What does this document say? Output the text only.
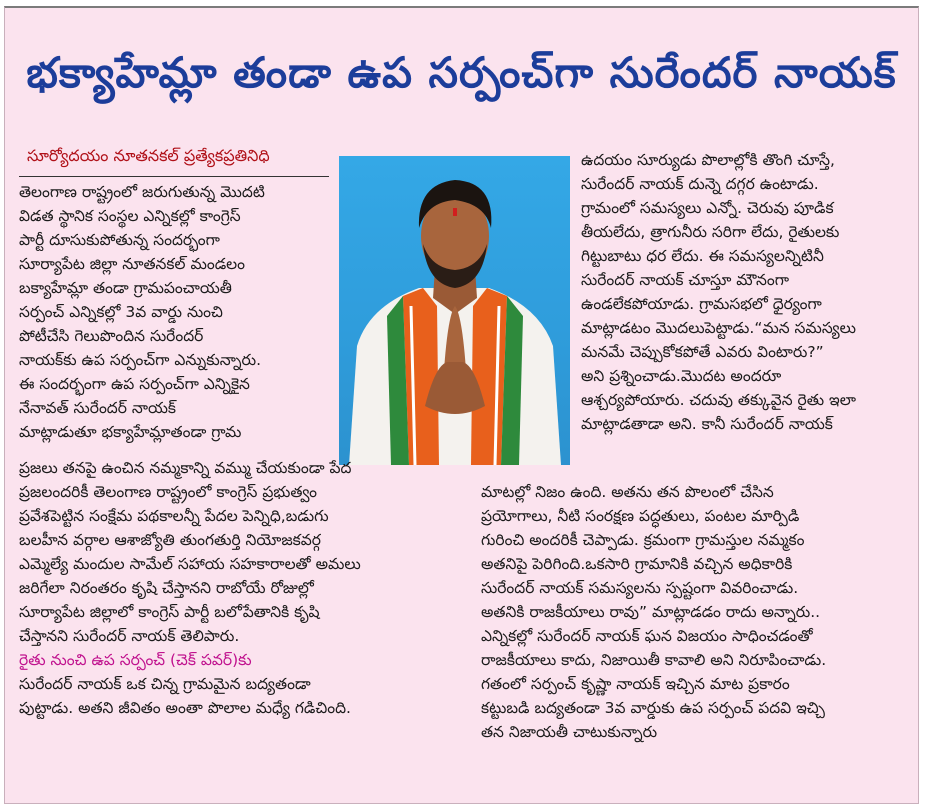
భక్యాహేమ్లా తండా ఉప సర్పంచ్‌గా సురేందర్ నాయక్
సూర్యోదయం నూతనకల్ ప్రత్యేకప్రతినిధి

తెలంగాణ రాష్ట్రంలో జరుగుతున్న మొదటి

విడత స్థానిక సంస్థల ఎన్నికల్లో కాంగ్రెస్

పార్టీ దూసుకుపోతున్న సందర్భంగా

సూర్యాపేట జిల్లా నూతనకల్ మండలం

బక్యాహేమ్లా తండా గ్రామపంచాయతీ

సర్పంచ్ ఎన్నికల్లో 3వ వార్డు నుంచి

పోటీచేసి గెలుపొందిన సురేందర్

నాయక్‌కు ఉప సర్పంచ్‌గా ఎన్నుకున్నారు.

ఈ సందర్భంగా ఉప సర్పంచ్‌గా ఎన్నికైన

నేనావత్ సురేందర్ నాయక్

మాట్లాడుతూ భక్యాహేమ్లాతండా గ్రామ

ఉదయం సూర్యుడు పొలాల్లోకి తొంగి చూస్తే,

సురేందర్ నాయక్ దున్నె దగ్గర ఉంటాడు.

గ్రామంలో సమస్యలు ఎన్నో. చెరువు పూడిక

తీయలేదు, త్రాగునీరు సరిగా లేదు, రైతులకు

గిట్టుబాటు ధర లేదు. ఈ సమస్యలన్నిటినీ

సురేందర్ నాయక్ చూస్తూ మౌనంగా

ఉండలేకపోయాడు. గ్రామసభలో ధైర్యంగా

మాట్లాడటం మొదలుపెట్టాడు.“మన సమస్యలు

మనమే చెప్పుకోకపోతే ఎవరు వింటారు?”

అని ప్రశ్నించాడు.మొదట అందరూ

ఆశ్చర్యపోయారు. చదువు తక్కువైన రైతు ఇలా

మాట్లాడతాడా అని. కానీ సురేందర్ నాయక్

ప్రజలు తనపై ఉంచిన నమ్మకాన్ని వమ్ము చేయకుండా పేద

ప్రజలందరికీ తెలంగాణ రాష్ట్రంలో కాంగ్రెస్ ప్రభుత్వం

ప్రవేశపెట్టిన సంక్షేమ పథకాలన్నీ పేదల పెన్నిధి,బడుగు

బలహీన వర్గాల ఆశాజ్యోతి తుంగతుర్తి నియోజకవర్గ

ఎమ్మెల్యే మందుల సామేల్ సహాయ సహకారాలతో అమలు

జరిగేలా నిరంతరం కృషి చేస్తానని రాబోయే రోజుల్లో

సూర్యాపేట జిల్లాలో కాంగ్రెస్ పార్టీ బలోపేతానికి కృషి

చేస్తానని సురేందర్ నాయక్ తెలిపారు.

రైతు నుంచి ఉప సర్పంచ్ (చెక్ పవర్)కు

సురేందర్ నాయక్ ఒక చిన్న గ్రామమైన బద్యతండా

పుట్టాడు. అతని జీవితం అంతా పొలాల మధ్యే గడిచింది.

మాటల్లో నిజం ఉంది. అతను తన పొలంలో చేసిన

ప్రయోగాలు, నీటి సంరక్షణ పద్ధతులు, పంటల మార్పిడి

గురించి అందరికీ చెప్పాడు. క్రమంగా గ్రామస్తుల నమ్మకం

అతనిపై పెరిగింది.ఒకసారి గ్రామానికి వచ్చిన అధికారికి

సురేందర్ నాయక్ సమస్యలను స్పష్టంగా వివరించాడు.

అతనికి రాజకీయాలు రావు” మాట్లాడడం రాదు అన్నారు..

ఎన్నికల్లో సురేందర్ నాయక్ ఘన విజయం సాధించడంతో

రాజకీయాలు కాదు, నిజాయితీ కావాలి అని నిరూపించాడు.

గతంలో సర్పంచ్ కృష్ణా నాయక్ ఇచ్చిన మాట ప్రకారం

కట్టుబడి బద్యతండా 3వ వార్డుకు ఉప సర్పంచ్ పదవి ఇచ్చి

తన నిజాయతీ చాటుకున్నారు
